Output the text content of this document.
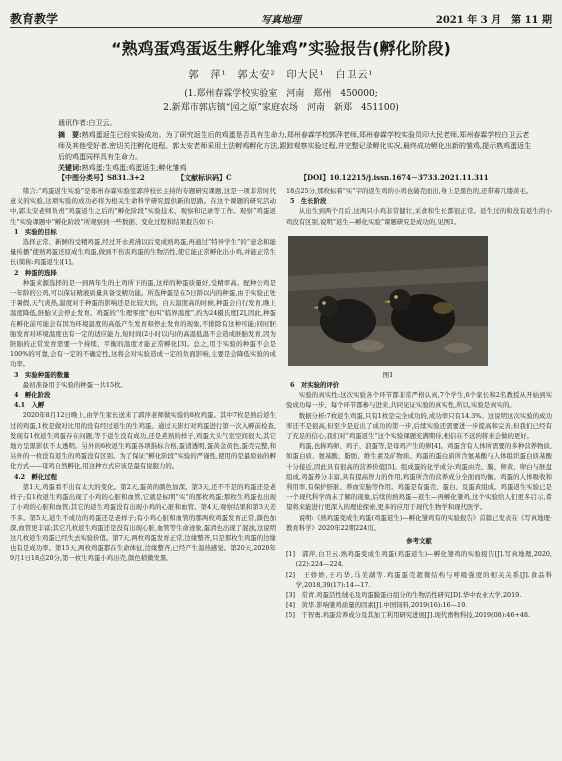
教育教学	写真地理	2021 年 3 月　第 11 期
“熟鸡蛋鸡蛋返生孵化雏鸡”实验报告(孵化阶段)
郭　萍¹　郭太安²　印大民¹　白卫云¹
(1.郑州春霖学校实验室　河南　郑州　450000;
2.新郑市郭店镇“园之原”家庭农场　河南　新郑　451100)
通讯作者:白卫云。
摘　要:熟鸡蛋返生已经实验成功。为了研究返生后的鸡蛋是否具有生命力,郑州春霖学校郭萍老师,郑州春霖学校实验员印大民老师,郑州春霖学校白卫云老师及其他受好者,密切关注孵化进程。郭太安老师采用土法孵鸡孵化方法,跟踪观察实验过程,并完整记录孵化实况,最终成功孵化出新的雏鸡,提示熟鸡蛋返生后的鸡蛋同样具有生命力。
关键词:熟鸡蛋;生鸡蛋;鸡蛋返生;孵化雏鸡
【中图分类号】S831.3+2	【文献标识码】C	【DOI】10.12215/j.issn.1674－3733.2021.11.311

绪言:“鸡蛋返生实验”是郑州春霖实验室郭萍校长主持的专题研究课题,这是一项非常时代意义的实验,这项实验的成功必将为相关生命科学研究提供新的思路。在这个课题的研究活动中,郭太安老师负责“鸡蛋返生之后的”孵化阶段”实验技术、观察和记录等工作。观察“鸡蛋返生”实验课题中“孵化阶段”所观察到一些数据、变化过程和结果报告如下:

1　实验的目标

选择正常、新鲜的受精鸡蛋,经过开水煮沸以后变成熟鸡蛋,再通过“特异学生”的“意念和能量传播”使熟鸡蛋还原成生鸡蛋,做到不伤害鸡蛋的生物活性,使它能正常孵化出小鸡,并能正常生长(简称:鸡蛋返生)[1]。

2　种蛋的选择

种蛋来源选择的是一到两年生的土鸡所下的蛋,这样的种蛋质量好,受精率高。配种公鸡是一年龄的公鸡,可以保证精液质量具备受精功能。所选种蛋是在5日龄以内的种蛋,由于实验正处于暑假,天气炎热,温度对于种蛋的影响还是比较大的。白天温度高的时候,种蛋会自行发育,晚上温度降低,胚胎又会停止发育。鸡蛋的“生理零度”也叫“临界温度”,约为24摄氏度[2],因此,种蛋在孵化前可能会有因为环境温度的高低产生发育和停止发育的现象,不排除有这种可能;同时胚胎发育对环境温度也有一定的适应能力,短时间(2小时以内)的高温低温不会造成胚胎发育,因为胚胎的正常发育需要一个持续、平衡的温度才能正常孵化[3]。总之,用于实验的种蛋不会是100%的可靠,会有一定的不确定性,这将会对实验造成一定的负面影响,主要是会降低实验的成功率。

3　实验种蛋的数量

最初准备用于实验的种蛋一共15枚。

4　孵化阶段

4.1　入孵

2020年8月12日晚上,由学生家长送来了郭萍老师做实验的8枚鸡蛋。其中7枚是熟后返生过的鸡蛋,1枚是做对比用的没有经过返生的生鸡蛋。通过天影灯对鸡蛋进行第一次入孵前检查,发现有1枚返生鸡蛋存在问题,等于返生没有成功,还是煮熟的样子,鸡蛋大头气室空间很大,其它地方呈黑影状不太透明。另外的6枚返生鸡蛋各项指标合格,蛋清透明,蛋黄金黄色,蛋壳完整,和另外的一枚没有返生的鸡蛋没有区别。为了保证“孵化阶段”实验的严谨性,使用的是最原始的孵化方式——母鸡自然孵化,用这种方式应该是最有说服力的。

4.2　孵化过程

第1天,鸡蛋看不出有太大的变化。第2天,蛋黄的颜色加深。第3天,还不不是的鸡蛋还是老样子;有1枚返生鸡蛋出现了小鸡的心脏和血管,它就是标明“实”的那枚鸡蛋;那枚生鸡蛋也出现了小鸡的心脏和血管;其它的返生鸡蛋没有出现小鸡的心脏和血管。第4天,观察结果和第3天差不多。第5天,返生不成功的鸡蛋还是老样子;有小鸡心脏和血管的那两枚鸡蛋发育正常,颜色加深,血管更丰富;其它几枚返生鸡蛋还是没有出现心脏,血管等生命迹象,蛋清也出现了混浊,这说明这几枚返生鸡蛋已经失去实验价值。第7天,两枚鸡蛋发育正常,边缘整齐,只是那枚生鸡蛋的边缘也有是成功率。第15天,两枚鸡蛋都在生命体征,边缘整齐,已经产生温热感觉。第20天,2020年9月1日18点20分,第一枚生鸡蛋小鸡出壳,颜色稍微发黑。

18点25分,那枚标着“实”字的返生鸡的小鸡也破壳而出,身上是黑色的,还带着几缕黄毛。

5　生长阶段

从出生到两个月后,这两只小鸡非常健壮,采食和生长都很正常。返生过的和没有返生的小鸡没有区别,说明“返生—孵化实验”课题研究是成功的,见图1。

图1

6　对实验的评价

实验的真实性:这次实验各个环节都非常严格认真,7个学生,6个家长和2名教授从开始到实验成功每一步、每个环节都参与进来,共同见证实验的真实性,所以,实验是真实的。

数据分析:7枚返生鸡蛋,只有1枚是完全成功的,成功率只有14.3%。这说明这次实验的成功率还不是很高,但至少是近出了成功的第一步,后续实验还需要进一步提高和完善,但我们已经有了充足的信心,我们对“鸡蛋返生”这个实验课题充满期待,相信在不远的将来会做的更好。

鸡蛋,也称鸡卵、鸡子、浪蛋等,是母鸡产生的卵[4]。鸡蛋含有人体所需要的多种营养物质,如蛋白质、氨基酸、脂肪、维生素及矿物质。鸡蛋的蛋白质所含氨基酸与人体组织蛋白质基酸十分接近,因此具有很高的营养价值[5]。组成蛋的化学成分:鸡蛋由壳、膜、卵黄、卵白与胚盘组成,鸡蛋养分丰富,具有提高智力的作用,鸡蛋所含的营养成分全面而均衡。鸡蛋的人体吸收和利用率,有保护肝脏、养血安胎等作用。鸡蛋是有蛋壳、蛋白、及蛋黄组成。鸡蛋返生实验已是一个现代科学尚未了解的现象,后续的熟鸡蛋—返生—再孵化雏鸡,这个实验给人们更多启示,希望将来能进行更深入的理论探索,更多的应用于现代生物学和现代医学。

说明:《熟鸡蛋变成生鸡蛋(鸡蛋返生)—孵化雏鸡有的实验报告》首篇已发表在《写真地理·教育科学》2020年22期224页。

参考文献

[1]　郭萍,白卫云.熟鸡蛋变成生鸡蛋(鸡蛋返生)—孵化雏鸡的实验报告[J].写真地理,2020,(22):224—224.

[2]　王娇娇,王巧华,马美湖等.鸡蛋蛋壳超微结构与呼吸强度的相关关系[J].食品科学,2018,39(17):14—17.

[3]　常青.鸡蛋活性绒毛及鸡蛋膜蛋白组分的生物活性研究[D].华中农业大学,2019.

[4]　黄华.影响雏鸡质量的因素[J].中国饲料,2019(16):16—19.

[5]　于智勇.鸡蛋营养成分及其加工利用研究进展[J].现代畜牧科技,2019(08):46+48.
